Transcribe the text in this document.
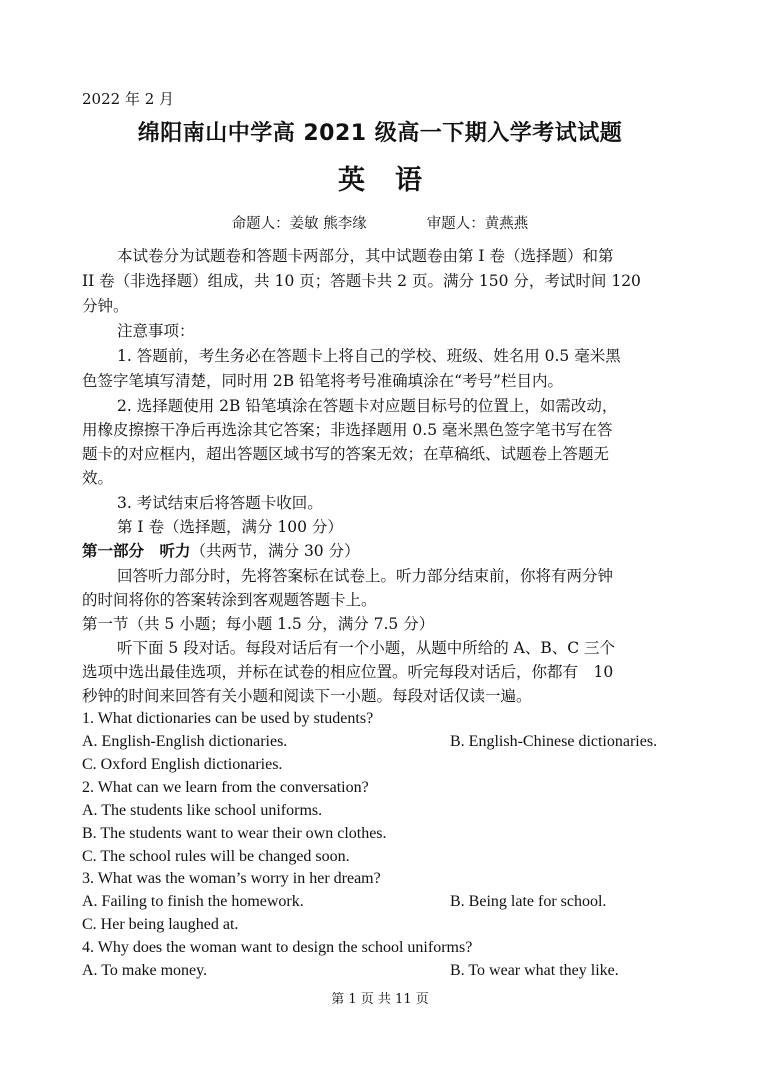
2022 年 2 月
绵阳南山中学高 2021 级高一下期入学考试试题
英 语
命题人：姜敏 熊李缘	审题人：黄燕燕
本试卷分为试题卷和答题卡两部分，其中试题卷由第 I 卷（选择题）和第
II 卷（非选择题）组成，共 10 页；答题卡共 2 页。满分 150 分，考试时间 120
分钟。
注意事项：
1. 答题前，考生务必在答题卡上将自己的学校、班级、姓名用 0.5 毫米黑
色签字笔填写清楚，同时用 2B 铅笔将考号准确填涂在“考号”栏目内。
2. 选择题使用 2B 铅笔填涂在答题卡对应题目标号的位置上，如需改动，
用橡皮擦擦干净后再选涂其它答案；非选择题用 0.5 毫米黑色签字笔书写在答
题卡的对应框内，超出答题区域书写的答案无效；在草稿纸、试题卷上答题无
效。
3. 考试结束后将答题卡收回。
第 I 卷（选择题，满分 100 分）
第一部分　听力（共两节，满分 30 分）
回答听力部分时，先将答案标在试卷上。听力部分结束前，你将有两分钟
的时间将你的答案转涂到客观题答题卡上。
第一节（共 5 小题；每小题 1.5 分，满分 7.5 分）
听下面 5 段对话。每段对话后有一个小题，从题中所给的 A、B、C 三个
选项中选出最佳选项，并标在试卷的相应位置。听完每段对话后，你都有　10
秒钟的时间来回答有关小题和阅读下一小题。每段对话仅读一遍。
1. What dictionaries can be used by students?
A. English-English dictionaries.	B. English-Chinese dictionaries.
C. Oxford English dictionaries.
2. What can we learn from the conversation?
A. The students like school uniforms.
B. The students want to wear their own clothes.
C. The school rules will be changed soon.
3. What was the woman’s worry in her dream?
A. Failing to finish the homework.	B. Being late for school.
C. Her being laughed at.
4. Why does the woman want to design the school uniforms?
A. To make money.	B. To wear what they like.
第 1 页 共 11 页
